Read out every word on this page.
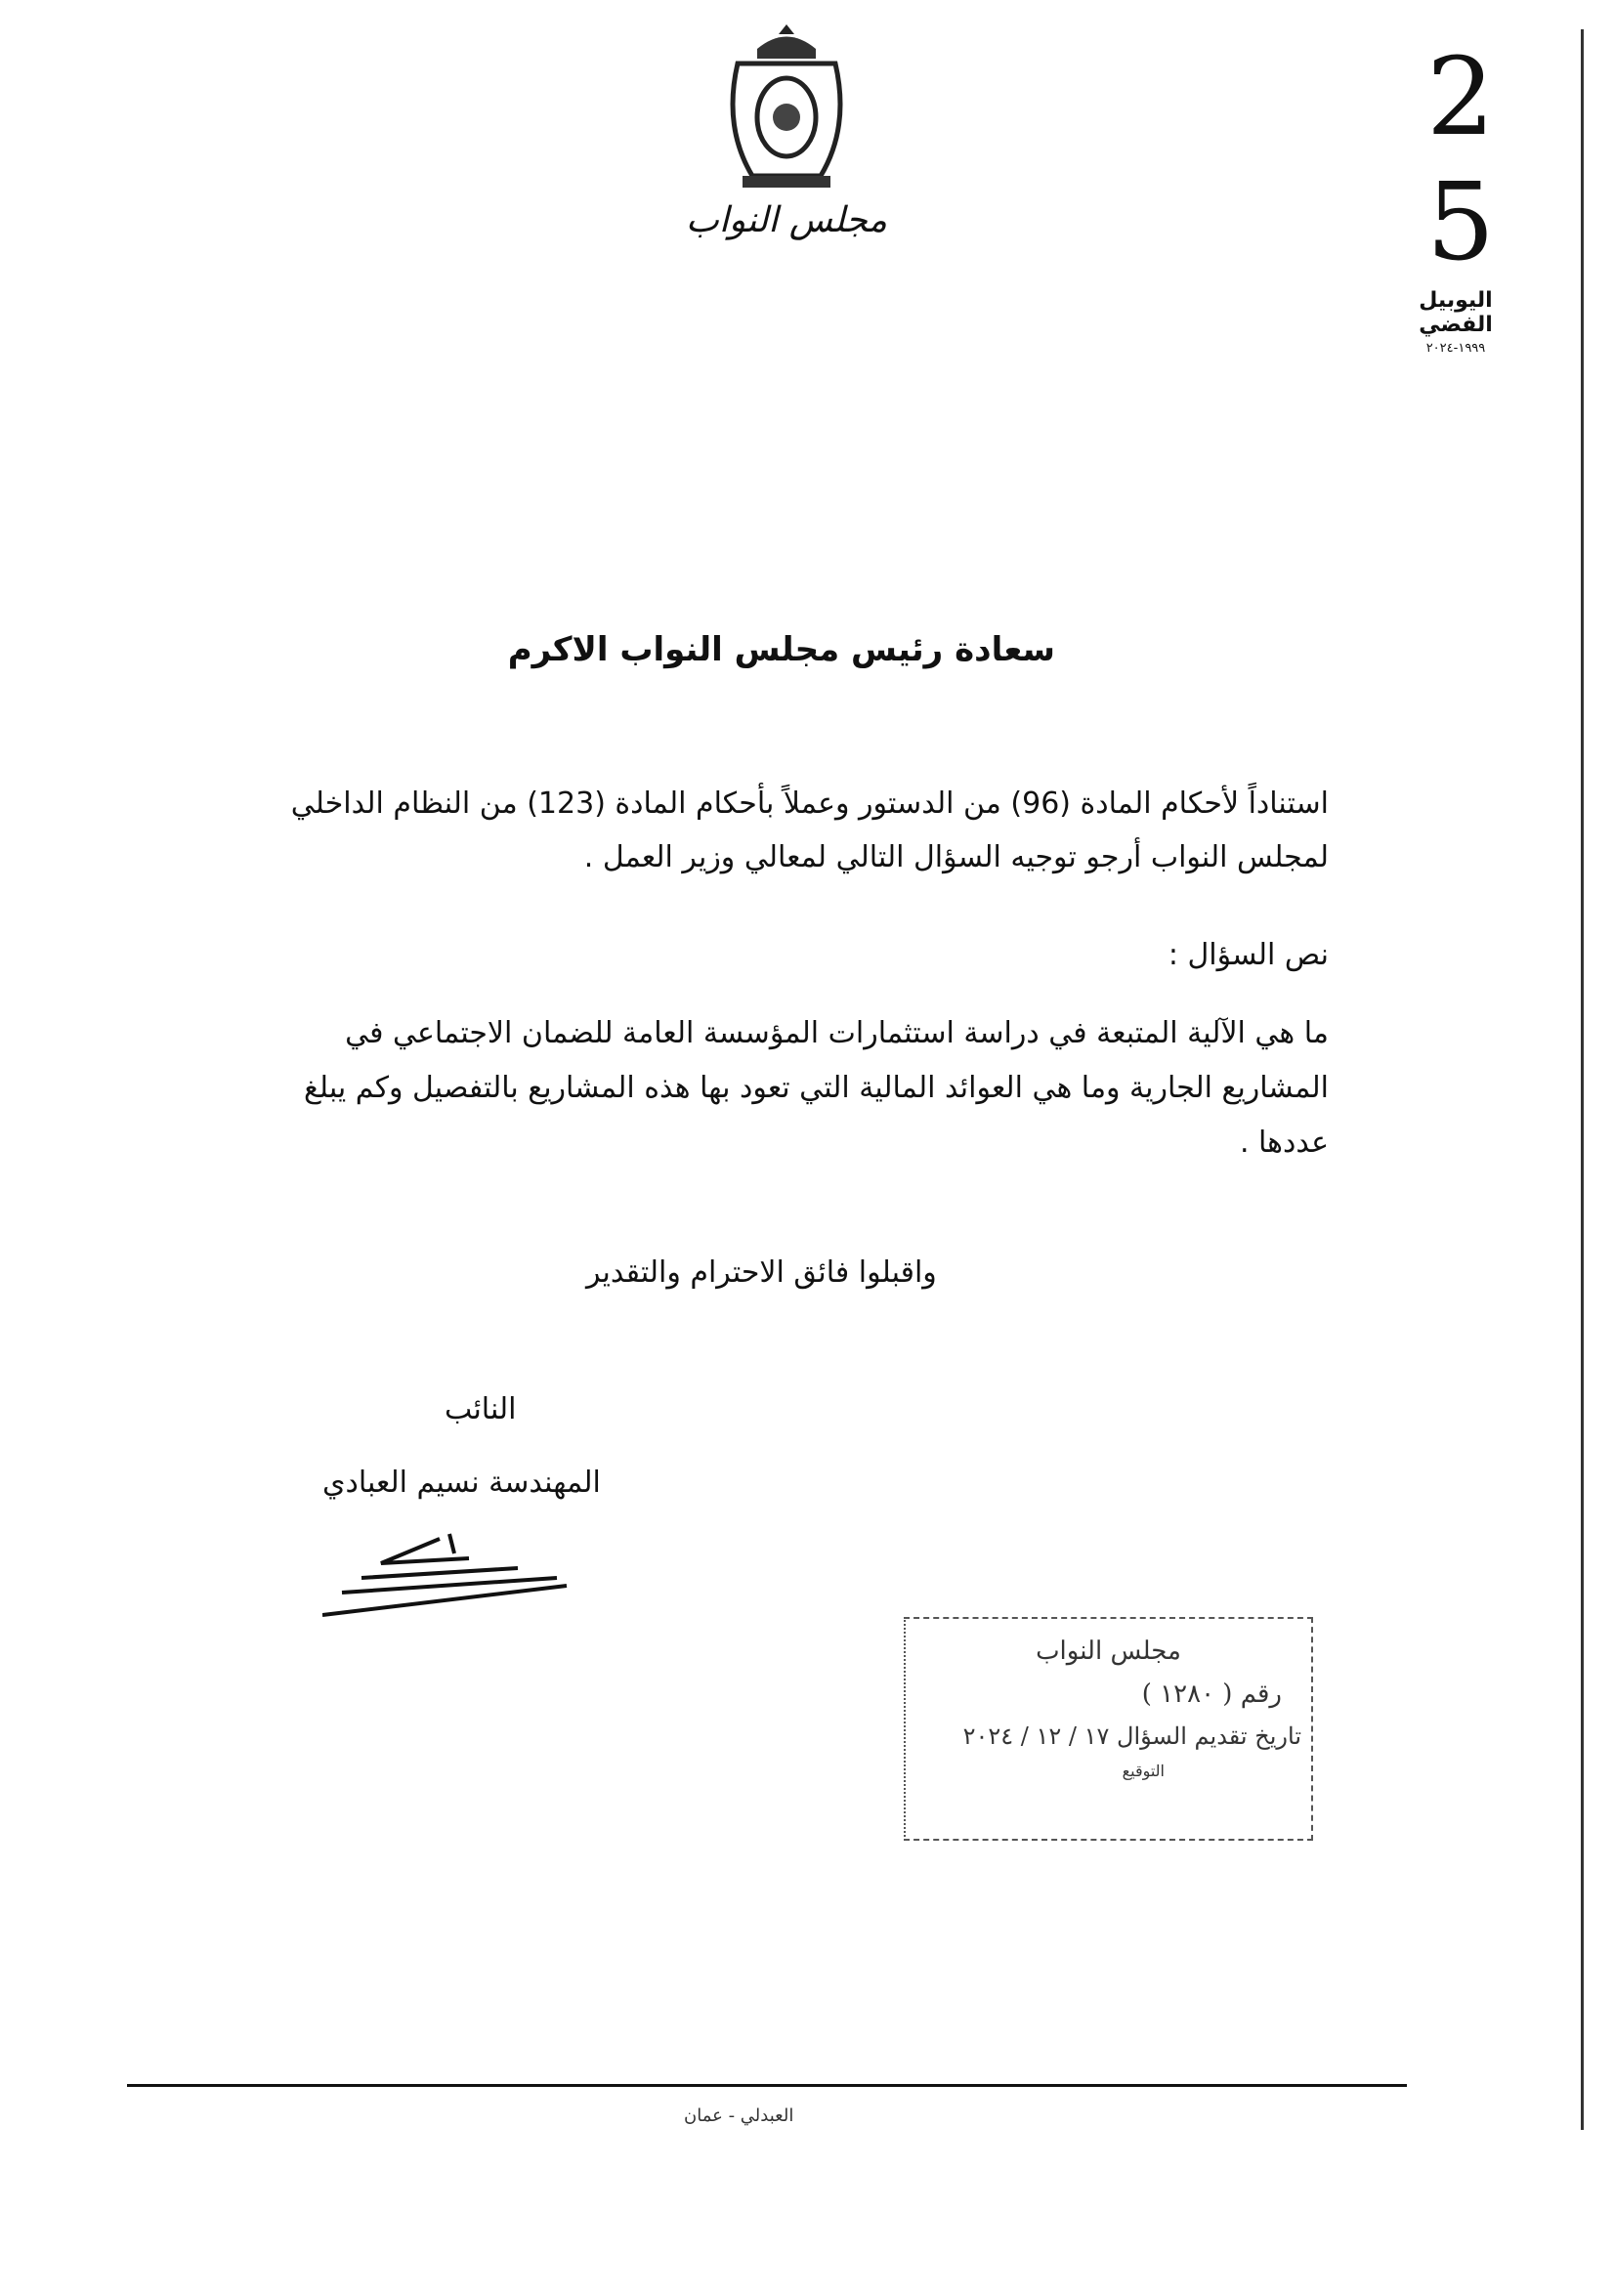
مجلس النواب	25
اليوبيل الفضي
١٩٩٩-٢٠٢٤
سعادة رئيس مجلس النواب الاكرم
استناداً لأحكام المادة (96) من الدستور وعملاً بأحكام المادة (123) من النظام الداخلي لمجلس النواب أرجو توجيه السؤال التالي لمعالي وزير العمل .
نص السؤال :
ما هي الآلية المتبعة في دراسة استثمارات المؤسسة العامة للضمان الاجتماعي في المشاريع الجارية وما هي العوائد المالية التي تعود بها هذه المشاريع بالتفصيل وكم يبلغ عددها .
واقبلوا فائق الاحترام والتقدير
النائب
المهندسة نسيم العبادي
مجلس النواب
رقم ( ١٢٨٠ )
تاريخ تقديم السؤال ١٧ / ١٢ / ٢٠٢٤
التوقيع
العبدلي - عمان
